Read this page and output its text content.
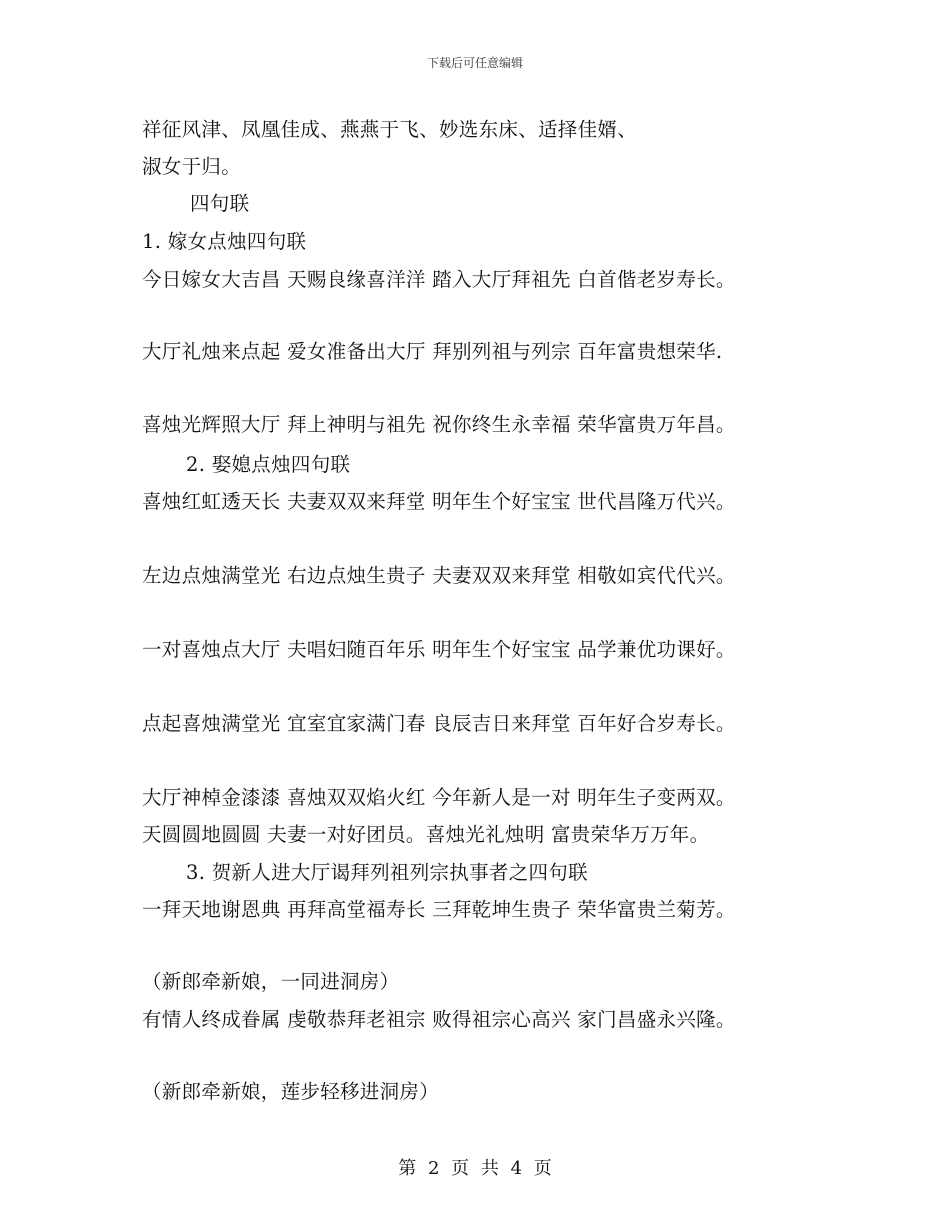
下载后可任意编辑
祥征风津、凤凰佳成、燕燕于飞、妙选东床、适择佳婿、
淑女于归。
四句联
1. 嫁女点烛四句联
今日嫁女大吉昌 天赐良缘喜洋洋 踏入大厅拜祖先 白首偕老岁寿长。
大厅礼烛来点起 爱女准备出大厅 拜别列祖与列宗 百年富贵想荣华.
喜烛光辉照大厅 拜上神明与祖先 祝你终生永幸福 荣华富贵万年昌。
2. 娶媳点烛四句联
喜烛红虹透天长 夫妻双双来拜堂 明年生个好宝宝 世代昌隆万代兴。
左边点烛满堂光 右边点烛生贵子 夫妻双双来拜堂 相敬如宾代代兴。
一对喜烛点大厅 夫唱妇随百年乐 明年生个好宝宝 品学兼优功课好。
点起喜烛满堂光 宜室宜家满门春 良辰吉日来拜堂 百年好合岁寿长。
大厅神棹金漆漆 喜烛双双焰火红 今年新人是一对 明年生子变两双。
天圆圆地圆圆 夫妻一对好团员。喜烛光礼烛明 富贵荣华万万年。
3. 贺新人进大厅谒拜列祖列宗执事者之四句联
一拜天地谢恩典 再拜高堂福寿长 三拜乾坤生贵子 荣华富贵兰菊芳。
（新郎牵新娘，一同进洞房）
有情人终成眷属 虔敬恭拜老祖宗 败得祖宗心高兴 家门昌盛永兴隆。
（新郎牵新娘，莲步轻移进洞房）
第 2 页 共 4 页
